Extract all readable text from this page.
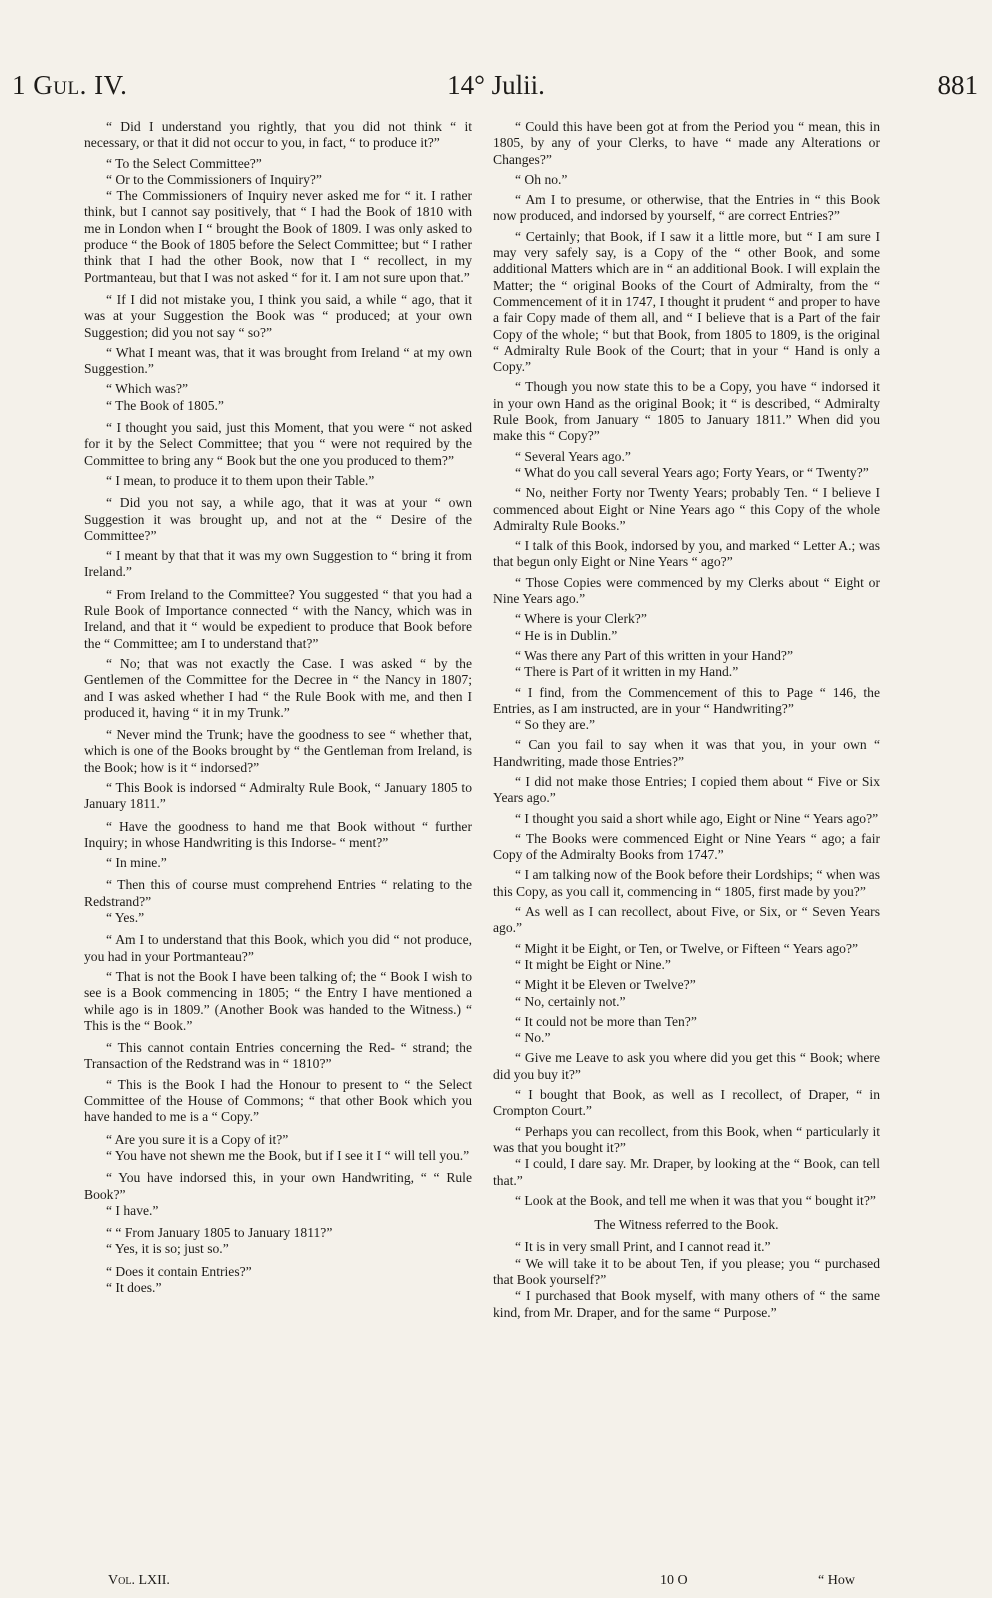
1 Gul. IV.	14° Julii.	881

“ Did I understand you rightly, that you did not think “ it necessary, or that it did not occur to you, in fact, “ to produce it?”

“ To the Select Committee?”

“ Or to the Commissioners of Inquiry?”

“ The Commissioners of Inquiry never asked me for “ it. I rather think, but I cannot say positively, that “ I had the Book of 1810 with me in London when I “ brought the Book of 1809. I was only asked to produce “ the Book of 1805 before the Select Committee; but “ I rather think that I had the other Book, now that I “ recollect, in my Portmanteau, but that I was not asked “ for it. I am not sure upon that.”

“ If I did not mistake you, I think you said, a while “ ago, that it was at your Suggestion the Book was “ produced; at your own Suggestion; did you not say “ so?”

“ What I meant was, that it was brought from Ireland “ at my own Suggestion.”

“ Which was?”

“ The Book of 1805.”

“ I thought you said, just this Moment, that you were “ not asked for it by the Select Committee; that you “ were not required by the Committee to bring any “ Book but the one you produced to them?”

“ I mean, to produce it to them upon their Table.”

“ Did you not say, a while ago, that it was at your “ own Suggestion it was brought up, and not at the “ Desire of the Committee?”

“ I meant by that that it was my own Suggestion to “ bring it from Ireland.”

“ From Ireland to the Committee? You suggested “ that you had a Rule Book of Importance connected “ with the Nancy, which was in Ireland, and that it “ would be expedient to produce that Book before the “ Committee; am I to understand that?”

“ No; that was not exactly the Case. I was asked “ by the Gentlemen of the Committee for the Decree in “ the Nancy in 1807; and I was asked whether I had “ the Rule Book with me, and then I produced it, having “ it in my Trunk.”

“ Never mind the Trunk; have the goodness to see “ whether that, which is one of the Books brought by “ the Gentleman from Ireland, is the Book; how is it “ indorsed?”

“ This Book is indorsed “ Admiralty Rule Book, “ January 1805 to January 1811.”

“ Have the goodness to hand me that Book without “ further Inquiry; in whose Handwriting is this Indorse- “ ment?”

“ In mine.”

“ Then this of course must comprehend Entries “ relating to the Redstrand?”

“ Yes.”

“ Am I to understand that this Book, which you did “ not produce, you had in your Portmanteau?”

“ That is not the Book I have been talking of; the “ Book I wish to see is a Book commencing in 1805; “ the Entry I have mentioned a while ago is in 1809.” (Another Book was handed to the Witness.) “ This is the “ Book.”

“ This cannot contain Entries concerning the Red- “ strand; the Transaction of the Redstrand was in “ 1810?”

“ This is the Book I had the Honour to present to “ the Select Committee of the House of Commons; “ that other Book which you have handed to me is a “ Copy.”

“ Are you sure it is a Copy of it?”

“ You have not shewn me the Book, but if I see it I “ will tell you.”

“ You have indorsed this, in your own Handwriting, “ “ Rule Book?”

“ I have.”

“ “ From January 1805 to January 1811?”

“ Yes, it is so; just so.”

“ Does it contain Entries?”

“ It does.”

“ Could this have been got at from the Period you “ mean, this in 1805, by any of your Clerks, to have “ made any Alterations or Changes?”

“ Oh no.”

“ Am I to presume, or otherwise, that the Entries in “ this Book now produced, and indorsed by yourself, “ are correct Entries?”

“ Certainly; that Book, if I saw it a little more, but “ I am sure I may very safely say, is a Copy of the “ other Book, and some additional Matters which are in “ an additional Book. I will explain the Matter; the “ original Books of the Court of Admiralty, from the “ Commencement of it in 1747, I thought it prudent “ and proper to have a fair Copy made of them all, and “ I believe that is a Part of the fair Copy of the whole; “ but that Book, from 1805 to 1809, is the original “ Admiralty Rule Book of the Court; that in your “ Hand is only a Copy.”

“ Though you now state this to be a Copy, you have “ indorsed it in your own Hand as the original Book; it “ is described, “ Admiralty Rule Book, from January “ 1805 to January 1811.” When did you make this “ Copy?”

“ Several Years ago.”

“ What do you call several Years ago; Forty Years, or “ Twenty?”

“ No, neither Forty nor Twenty Years; probably Ten. “ I believe I commenced about Eight or Nine Years ago “ this Copy of the whole Admiralty Rule Books.”

“ I talk of this Book, indorsed by you, and marked “ Letter A.; was that begun only Eight or Nine Years “ ago?”

“ Those Copies were commenced by my Clerks about “ Eight or Nine Years ago.”

“ Where is your Clerk?”

“ He is in Dublin.”

“ Was there any Part of this written in your Hand?”

“ There is Part of it written in my Hand.”

“ I find, from the Commencement of this to Page “ 146, the Entries, as I am instructed, are in your “ Handwriting?”

“ So they are.”

“ Can you fail to say when it was that you, in your own “ Handwriting, made those Entries?”

“ I did not make those Entries; I copied them about “ Five or Six Years ago.”

“ I thought you said a short while ago, Eight or Nine “ Years ago?”

“ The Books were commenced Eight or Nine Years “ ago; a fair Copy of the Admiralty Books from 1747.”

“ I am talking now of the Book before their Lordships; “ when was this Copy, as you call it, commencing in “ 1805, first made by you?”

“ As well as I can recollect, about Five, or Six, or “ Seven Years ago.”

“ Might it be Eight, or Ten, or Twelve, or Fifteen “ Years ago?”

“ It might be Eight or Nine.”

“ Might it be Eleven or Twelve?”

“ No, certainly not.”

“ It could not be more than Ten?”

“ No.”

“ Give me Leave to ask you where did you get this “ Book; where did you buy it?”

“ I bought that Book, as well as I recollect, of Draper, “ in Crompton Court.”

“ Perhaps you can recollect, from this Book, when “ particularly it was that you bought it?”

“ I could, I dare say. Mr. Draper, by looking at the “ Book, can tell that.”

“ Look at the Book, and tell me when it was that you “ bought it?”

The Witness referred to the Book.

“ It is in very small Print, and I cannot read it.”

“ We will take it to be about Ten, if you please; you “ purchased that Book yourself?”

“ I purchased that Book myself, with many others of “ the same kind, from Mr. Draper, and for the same “ Purpose.”

Vol. LXII.	10 O	“ How
